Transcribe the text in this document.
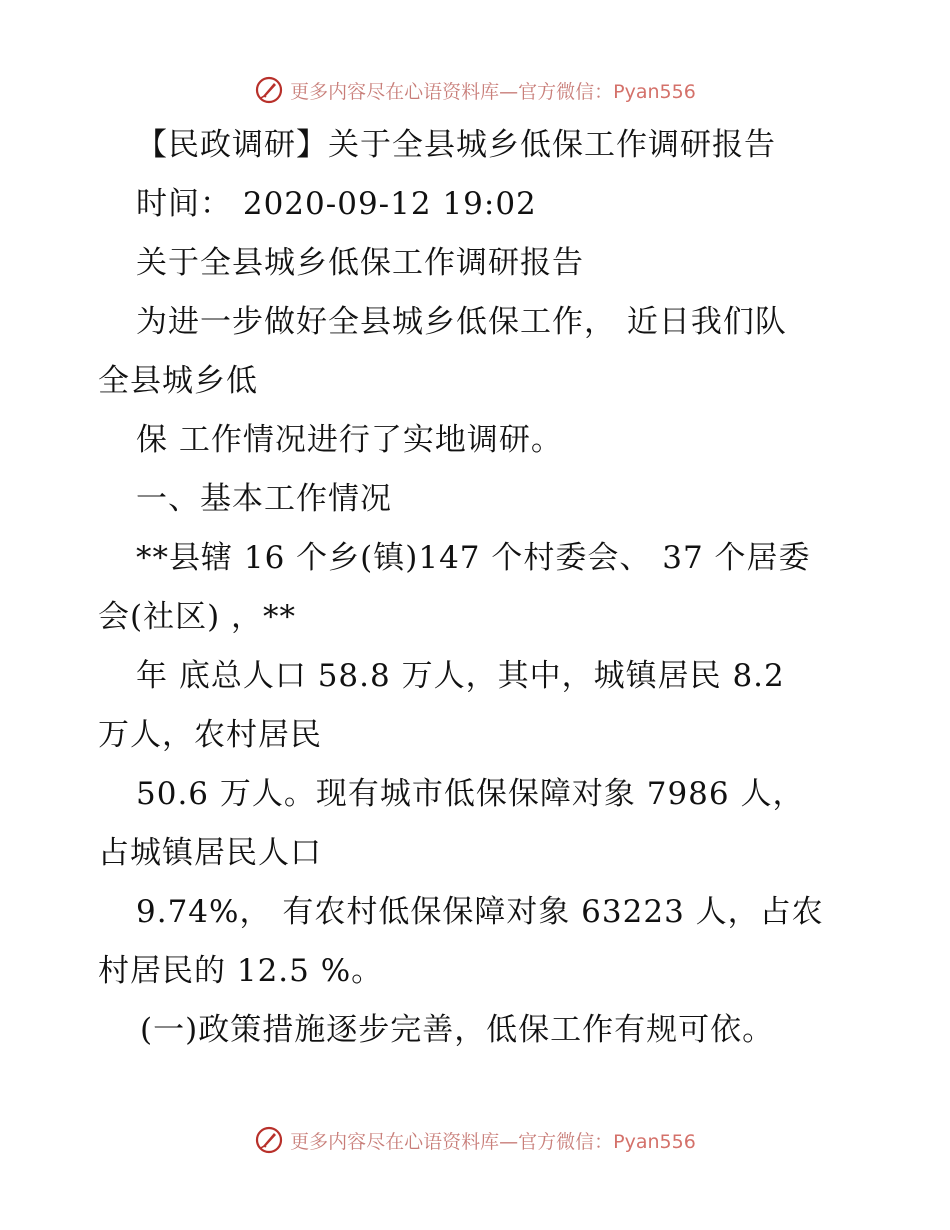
更多内容尽在心语资料库—官方微信：Pyan556
【民政调研】关于全县城乡低保工作调研报告
时间： 2020-09-12 19:02
关于全县城乡低保工作调研报告
为进一步做好全县城乡低保工作， 近日我们队
全县城乡低
保 工作情况进行了实地调研。
一、基本工作情况
**县辖 16 个乡(镇)147 个村委会、 37 个居委
会(社区) ，**
年 底总人口 58.8 万人，其中，城镇居民 8.2
万人，农村居民
50.6 万人。现有城市低保保障对象 7986 人，
占城镇居民人口
9.74%， 有农村低保保障对象 63223 人，占农
村居民的 12.5 %。
(一)政策措施逐步完善，低保工作有规可依。
更多内容尽在心语资料库—官方微信：Pyan556
